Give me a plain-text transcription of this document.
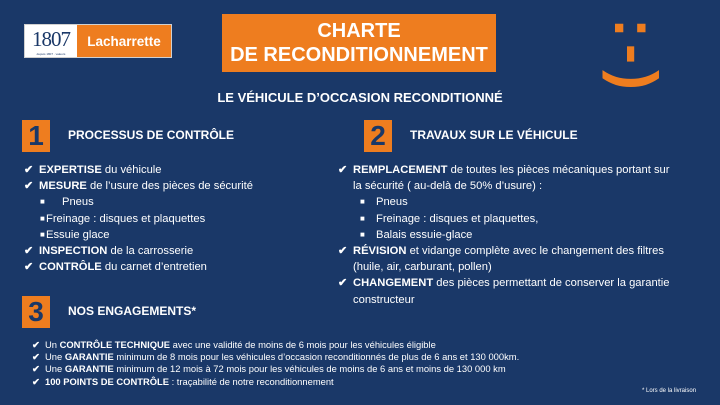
1807
depuis 1807 · valeurs
Lacharrette	CHARTE
DE RECONDITIONNEMENT :-)
LE VÉHICULE D’OCCASION RECONDITIONNÉ
1	PROCESSUS DE CONTRÔLE
✔ EXPERTISE du véhicule
✔ MESURE de l’usure des pièces de sécurité
■ Pneus
■Freinage : disques et plaquettes
■Essuie glace
✔ INSPECTION de la carrosserie
✔ CONTRÔLE du carnet d’entretien
2	TRAVAUX SUR LE VÉHICULE
✔ REMPLACEMENT de toutes les pièces mécaniques portant sur
la sécurité ( au-delà de 50% d’usure) :
■ Pneus
■ Freinage : disques et plaquettes,
■ Balais essuie-glace
✔ RÉVISION et vidange complète avec le changement des filtres
(huile, air, carburant, pollen)
✔ CHANGEMENT des pièces permettant de conserver la garantie
constructeur
3	NOS ENGAGEMENTS*
✔ Un CONTRÔLE TECHNIQUE avec une validité de moins de 6 mois pour les véhicules éligible
✔ Une GARANTIE minimum de 8 mois pour les véhicules d’occasion reconditionnés de plus de 6 ans et 130 000km.
✔ Une GARANTIE minimum de 12 mois à 72 mois pour les véhicules de moins de 6 ans et moins de 130 000 km
✔ 100 POINTS DE CONTRÔLE : traçabilité de notre reconditionnement
* Lors de la livraison
